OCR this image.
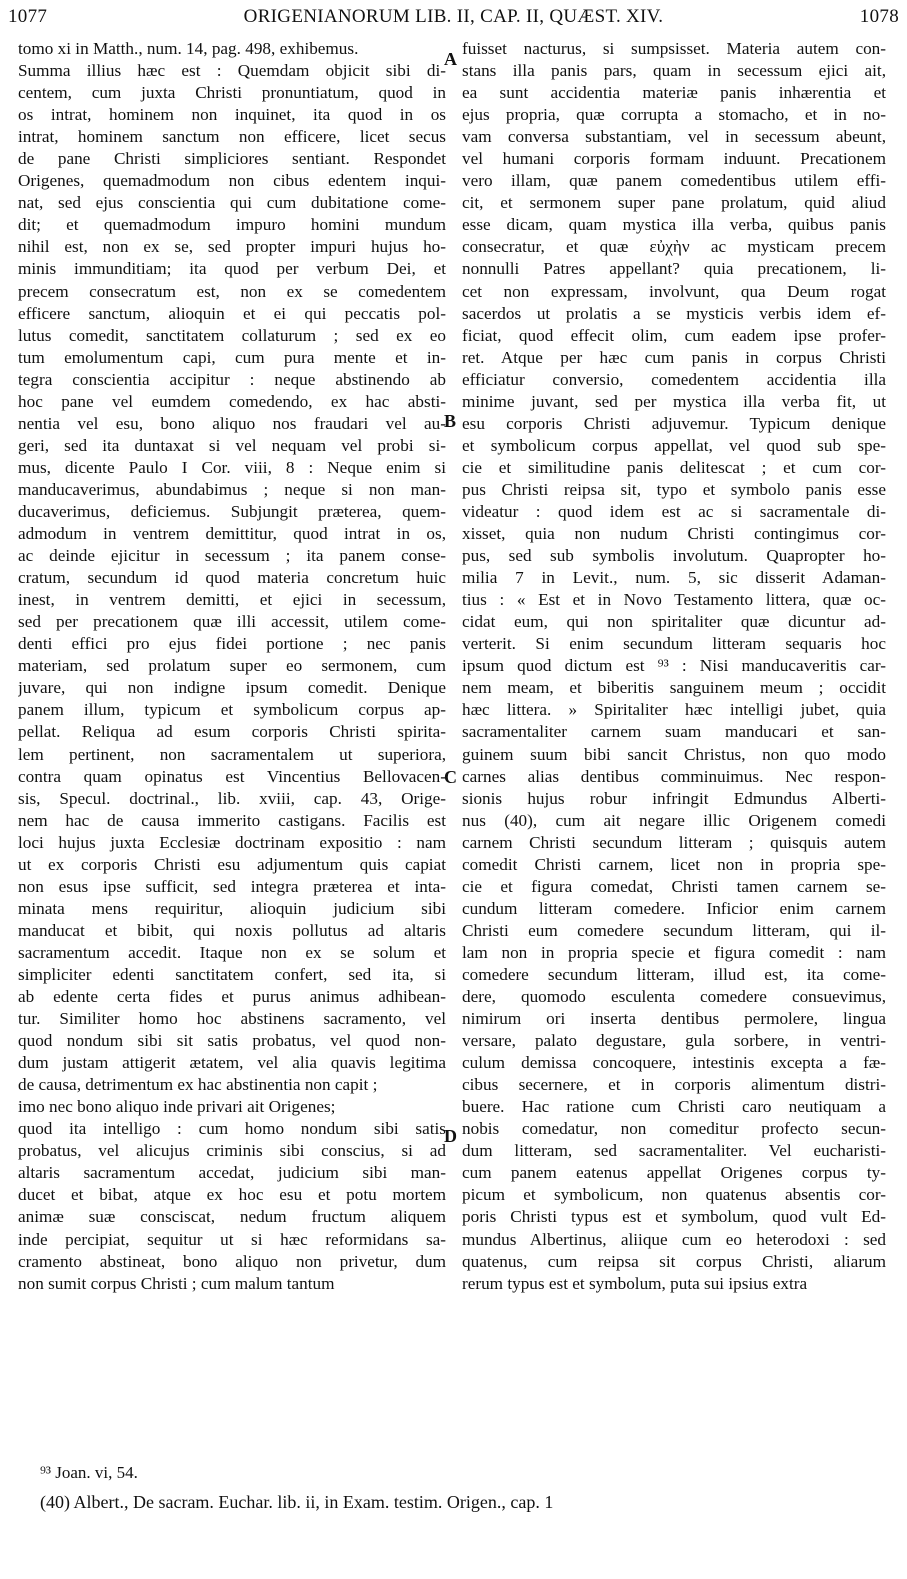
1077	ORIGENIANORUM LIB. II, CAP. II, QUÆST. XIV.	1078
tomo xi in Matth., num. 14, pag. 498, exhibemus.
Summa illius hæc est : Quemdam objicit sibi di-
centem, cum juxta Christi pronuntiatum, quod in
os intrat, hominem non inquinet, ita quod in os
intrat, hominem sanctum non efficere, licet secus
de pane Christi simpliciores sentiant. Respondet
Origenes, quemadmodum non cibus edentem inqui-
nat, sed ejus conscientia qui cum dubitatione come-
dit; et quemadmodum impuro homini mundum
nihil est, non ex se, sed propter impuri hujus ho-
minis immunditiam; ita quod per verbum Dei, et
precem consecratum est, non ex se comedentem
efficere sanctum, alioquin et ei qui peccatis pol-
lutus comedit, sanctitatem collaturum ; sed ex eo
tum emolumentum capi, cum pura mente et in-
tegra conscientia accipitur : neque abstinendo ab
hoc pane vel eumdem comedendo, ex hac absti-
nentia vel esu, bono aliquo nos fraudari vel au-
geri, sed ita duntaxat si vel nequam vel probi si-
mus, dicente Paulo I Cor. viii, 8 : Neque enim si
manducaverimus, abundabimus ; neque si non man-
ducaverimus, deficiemus. Subjungit præterea, quem-
admodum in ventrem demittitur, quod intrat in os,
ac deinde ejicitur in secessum ; ita panem conse-
cratum, secundum id quod materia concretum huic
inest, in ventrem demitti, et ejici in secessum,
sed per precationem quæ illi accessit, utilem come-
denti effici pro ejus fidei portione ; nec panis
materiam, sed prolatum super eo sermonem, cum
juvare, qui non indigne ipsum comedit. Denique
panem illum, typicum et symbolicum corpus ap-
pellat. Reliqua ad esum corporis Christi spirita-
lem pertinent, non sacramentalem ut superiora,
contra quam opinatus est Vincentius Bellovacen-
sis, Specul. doctrinal., lib. xviii, cap. 43, Orige-
nem hac de causa immerito castigans. Facilis est
loci hujus juxta Ecclesiæ doctrinam expositio : nam
ut ex corporis Christi esu adjumentum quis capiat
non esus ipse sufficit, sed integra præterea et inta-
minata mens requiritur, alioquin judicium sibi
manducat et bibit, qui noxis pollutus ad altaris
sacramentum accedit. Itaque non ex se solum et
simpliciter edenti sanctitatem confert, sed ita, si
ab edente certa fides et purus animus adhibean-
tur. Similiter homo hoc abstinens sacramento, vel
quod nondum sibi sit satis probatus, vel quod non-
dum justam attigerit ætatem, vel alia quavis legitima
de causa, detrimentum ex hac abstinentia non capit ;
imo nec bono aliquo inde privari ait Origenes;
quod ita intelligo : cum homo nondum sibi satis
probatus, vel alicujus criminis sibi conscius, si ad
altaris sacramentum accedat, judicium sibi man-
ducet et bibat, atque ex hoc esu et potu mortem
animæ suæ consciscat, nedum fructum aliquem
inde percipiat, sequitur ut si hæc reformidans sa-
cramento abstineat, bono aliquo non privetur, dum
non sumit corpus Christi ; cum malum tantum
fuisset nacturus, si sumpsisset. Materia autem con-
stans illa panis pars, quam in secessum ejici ait,
ea sunt accidentia materiæ panis inhærentia et
ejus propria, quæ corrupta a stomacho, et in no-
vam conversa substantiam, vel in secessum abeunt,
vel humani corporis formam induunt. Precationem
vero illam, quæ panem comedentibus utilem effi-
cit, et sermonem super pane prolatum, quid aliud
esse dicam, quam mystica illa verba, quibus panis
consecratur, et quæ εὐχὴν ac mysticam precem
nonnulli Patres appellant? quia precationem, li-
cet non expressam, involvunt, qua Deum rogat
sacerdos ut prolatis a se mysticis verbis idem ef-
ficiat, quod effecit olim, cum eadem ipse profer-
ret. Atque per hæc cum panis in corpus Christi
efficiatur conversio, comedentem accidentia illa
minime juvant, sed per mystica illa verba fit, ut
esu corporis Christi adjuvemur. Typicum denique
et symbolicum corpus appellat, vel quod sub spe-
cie et similitudine panis delitescat ; et cum cor-
pus Christi reipsa sit, typo et symbolo panis esse
videatur : quod idem est ac si sacramentale di-
xisset, quia non nudum Christi contingimus cor-
pus, sed sub symbolis involutum. Quapropter ho-
milia 7 in Levit., num. 5, sic disserit Adaman-
tius : « Est et in Novo Testamento littera, quæ oc-
cidat eum, qui non spiritaliter quæ dicuntur ad-
verterit. Si enim secundum litteram sequaris hoc
ipsum quod dictum est ⁹³ : Nisi manducaveritis car-
nem meam, et biberitis sanguinem meum ; occidit
hæc littera. » Spiritaliter hæc intelligi jubet, quia
sacramentaliter carnem suam manducari et san-
guinem suum bibi sancit Christus, non quo modo
carnes alias dentibus comminuimus. Nec respon-
sionis hujus robur infringit Edmundus Alberti-
nus (40), cum ait negare illic Origenem comedi
carnem Christi secundum litteram ; quisquis autem
comedit Christi carnem, licet non in propria spe-
cie et figura comedat, Christi tamen carnem se-
cundum litteram comedere. Inficior enim carnem
Christi eum comedere secundum litteram, qui il-
lam non in propria specie et figura comedit : nam
comedere secundum litteram, illud est, ita come-
dere, quomodo esculenta comedere consuevimus,
nimirum ori inserta dentibus permolere, lingua
versare, palato degustare, gula sorbere, in ventri-
culum demissa concoquere, intestinis excepta a fæ-
cibus secernere, et in corporis alimentum distri-
buere. Hac ratione cum Christi caro neutiquam a
nobis comedatur, non comeditur profecto secun-
dum litteram, sed sacramentaliter. Vel eucharisti-
cum panem eatenus appellat Origenes corpus ty-
picum et symbolicum, non quatenus absentis cor-
poris Christi typus est et symbolum, quod vult Ed-
mundus Albertinus, aliique cum eo heterodoxi : sed
quatenus, cum reipsa sit corpus Christi, aliarum
rerum typus est et symbolum, puta sui ipsius extra
A
B
C
D
⁹³ Joan. vi, 54.
(40) Albert., De sacram. Euchar. lib. ii, in Exam. testim. Origen., cap. 1
